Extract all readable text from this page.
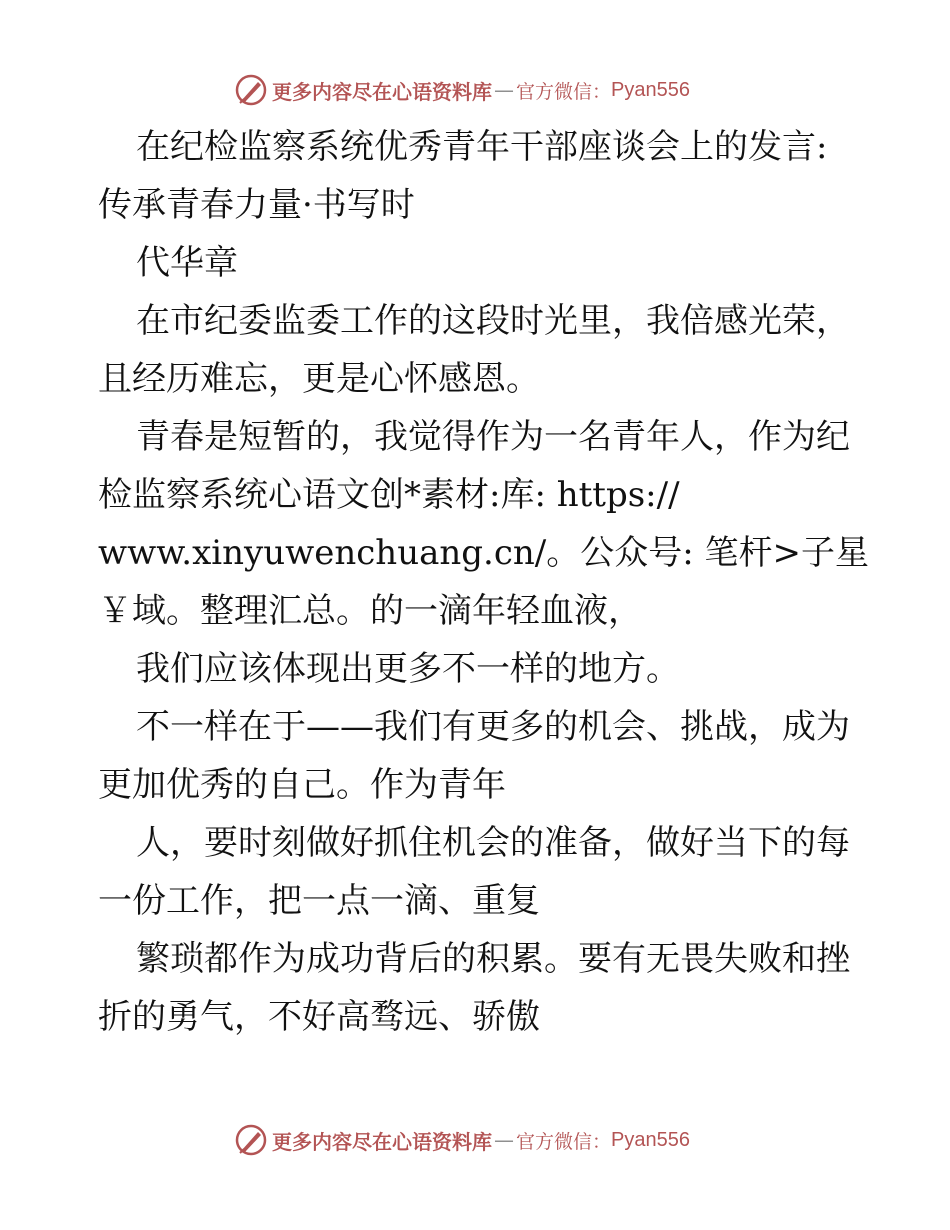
更多内容尽在心语资料库 — 官方微信： Pyan556
在纪检监察系统优秀青年干部座谈会上的发言:
传承青春力量·书写时
代华章
在市纪委监委工作的这段时光里，我倍感光荣，
且经历难忘，更是心怀感恩。
青春是短暂的，我觉得作为一名青年人，作为纪
检监察系统心语文创*素材:库: https://
www.xinyuwenchuang.cn/。公众号: 笔杆>子星
￥域。整理汇总。的一滴年轻血液，
我们应该体现出更多不一样的地方。
不一样在于——我们有更多的机会、挑战，成为
更加优秀的自己。作为青年
人，要时刻做好抓住机会的准备，做好当下的每
一份工作，把一点一滴、重复
繁琐都作为成功背后的积累。要有无畏失败和挫
折的勇气，不好高骛远、骄傲
更多内容尽在心语资料库 — 官方微信： Pyan556
